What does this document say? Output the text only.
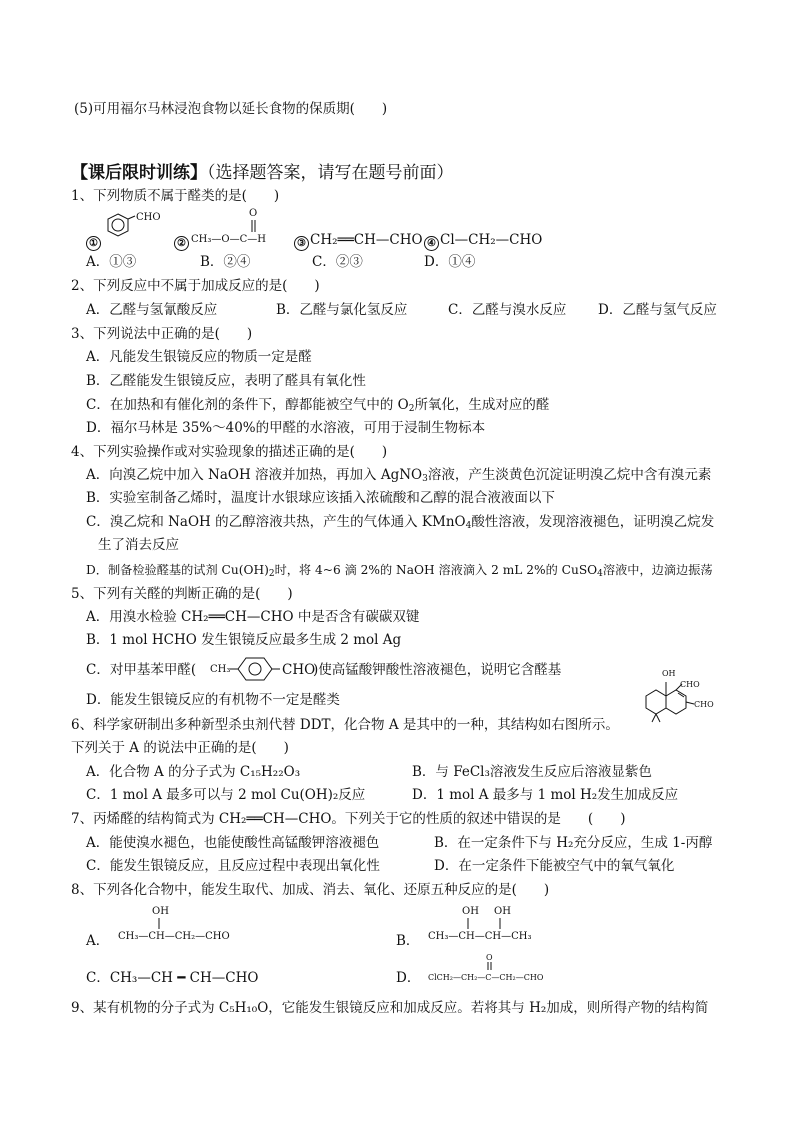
(5)可用福尔马林浸泡食物以延长食物的保质期(　　)
【课后限时训练】（选择题答案，请写在题号前面）
1、下列物质不属于醛类的是(　　)
①
CHO
②
O
CH₃—O—C—H	③ CH₂══CH—CHO ④ Cl—CH₂—CHO
A．①③	B．②④	C．②③	D．①④
2、下列反应中不属于加成反应的是(　　)
A．乙醛与氢氰酸反应	B．乙醛与氯化氢反应	C．乙醛与溴水反应 D．乙醛与氢气反应
3、下列说法中正确的是(　　)
A．凡能发生银镜反应的物质一定是醛
B．乙醛能发生银镜反应，表明了醛具有氧化性
C．在加热和有催化剂的条件下，醇都能被空气中的 $O_2$所氧化，生成对应的醛
D．福尔马林是 35%～40%的甲醛的水溶液，可用于浸制生物标本
4、下列实验操作或对实验现象的描述正确的是(　　)
A．向溴乙烷中加入 NaOH 溶液并加热，再加入 AgNO$_3$溶液，产生淡黄色沉淀证明溴乙烷中含有溴元素
B．实验室制备乙烯时，温度计水银球应该插入浓硫酸和乙醇的混合液液面以下
C．溴乙烷和 NaOH 的乙醇溶液共热，产生的气体通入 KMnO$_4$酸性溶液，发现溶液褪色，证明溴乙烷发
生了消去反应
D．制备检验醛基的试剂 $Cu(OH)_2$时，将 4~6 滴 2%的 NaOH 溶液滴入 2 mL 2%的 CuSO$_4$溶液中，边滴边振荡
5、下列有关醛的判断正确的是(　　)
A．用溴水检验 CH₂══CH—CHO 中是否含有碳碳双键
B．1 mol HCHO 发生银镜反应最多生成 2 mol Ag
C．对甲基苯甲醛( CH₃	CHO
)使高锰酸钾酸性溶液褪色，说明它含醛基
D．能发生银镜反应的有机物不一定是醛类
OH
CHO
CHO
6、科学家研制出多种新型杀虫剂代替 DDT，化合物 A 是其中的一种，其结构如右图所示。
下列关于 A 的说法中正确的是(　　)
A．化合物 A 的分子式为 C₁₅H₂₂O₃	B．与 FeCl₃溶液发生反应后溶液显紫色
C．1 mol A 最多可以与 2 mol Cu(OH)₂反应	D．1 mol A 最多与 1 mol H₂发生加成反应
7、丙烯醛的结构简式为 CH₂══CH—CHO。下列关于它的性质的叙述中错误的是　　(　　)
A．能使溴水褪色，也能使酸性高锰酸钾溶液褪色	B．在一定条件下与 H₂充分反应，生成 1-丙醇
C．能发生银镜反应，且反应过程中表现出氧化性	D．在一定条件下能被空气中的氧气氧化
8、下列各化合物中，能发生取代、加成、消去、氧化、还原五种反应的是(　　)
A．
OH
CH₃—CH—CH₂—CHO	B．
OH OH
CH₃—CH—CH—CH₃
C．CH₃—CH ━ CH—CHO	D．
O
ClCH₂—CH₂—C—CH₂—CHO
9、某有机物的分子式为 C₅H₁₀O，它能发生银镜反应和加成反应。若将其与 H₂加成，则所得产物的结构简
